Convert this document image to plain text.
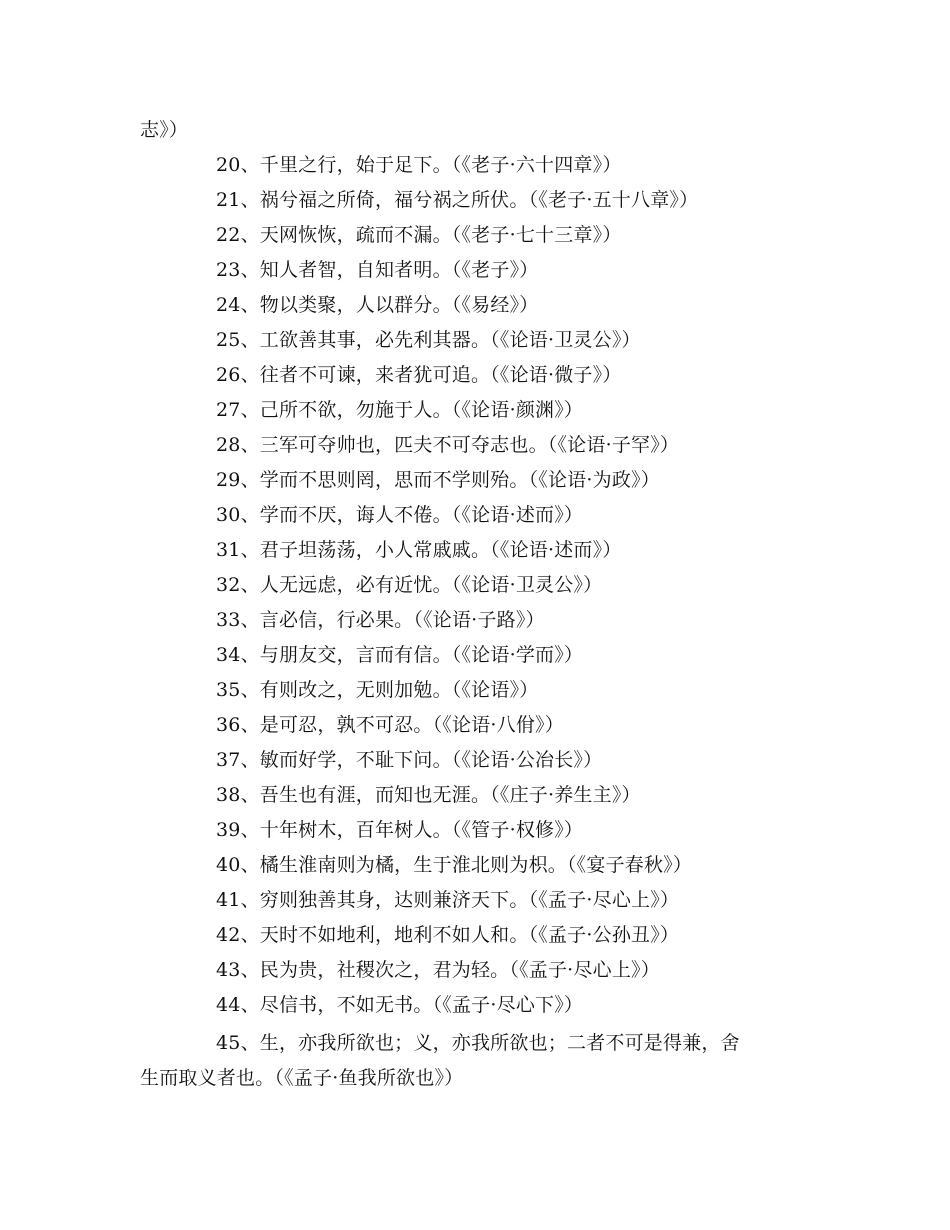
志》）
20、千里之行，始于足下。（《老子·六十四章》）
21、祸兮福之所倚，福兮祸之所伏。（《老子·五十八章》）
22、天网恢恢，疏而不漏。（《老子·七十三章》）
23、知人者智，自知者明。（《老子》）
24、物以类聚，人以群分。（《易经》）
25、工欲善其事，必先利其器。（《论语·卫灵公》）
26、往者不可谏，来者犹可追。（《论语·微子》）
27、己所不欲，勿施于人。（《论语·颜渊》）
28、三军可夺帅也，匹夫不可夺志也。（《论语·子罕》）
29、学而不思则罔，思而不学则殆。（《论语·为政》）
30、学而不厌，诲人不倦。（《论语·述而》）
31、君子坦荡荡，小人常戚戚。（《论语·述而》）
32、人无远虑，必有近忧。（《论语·卫灵公》）
33、言必信，行必果。（《论语·子路》）
34、与朋友交，言而有信。（《论语·学而》）
35、有则改之，无则加勉。（《论语》）
36、是可忍，孰不可忍。（《论语·八佾》）
37、敏而好学，不耻下问。（《论语·公冶长》）
38、吾生也有涯，而知也无涯。（《庄子·养生主》）
39、十年树木，百年树人。（《管子·权修》）
40、橘生淮南则为橘，生于淮北则为枳。（《宴子春秋》）
41、穷则独善其身，达则兼济天下。（《孟子·尽心上》）
42、天时不如地利，地利不如人和。（《孟子·公孙丑》）
43、民为贵，社稷次之，君为轻。（《孟子·尽心上》）
44、尽信书，不如无书。（《孟子·尽心下》）
45、生，亦我所欲也；义，亦我所欲也；二者不可是得兼，舍
生而取义者也。（《孟子·鱼我所欲也》）
